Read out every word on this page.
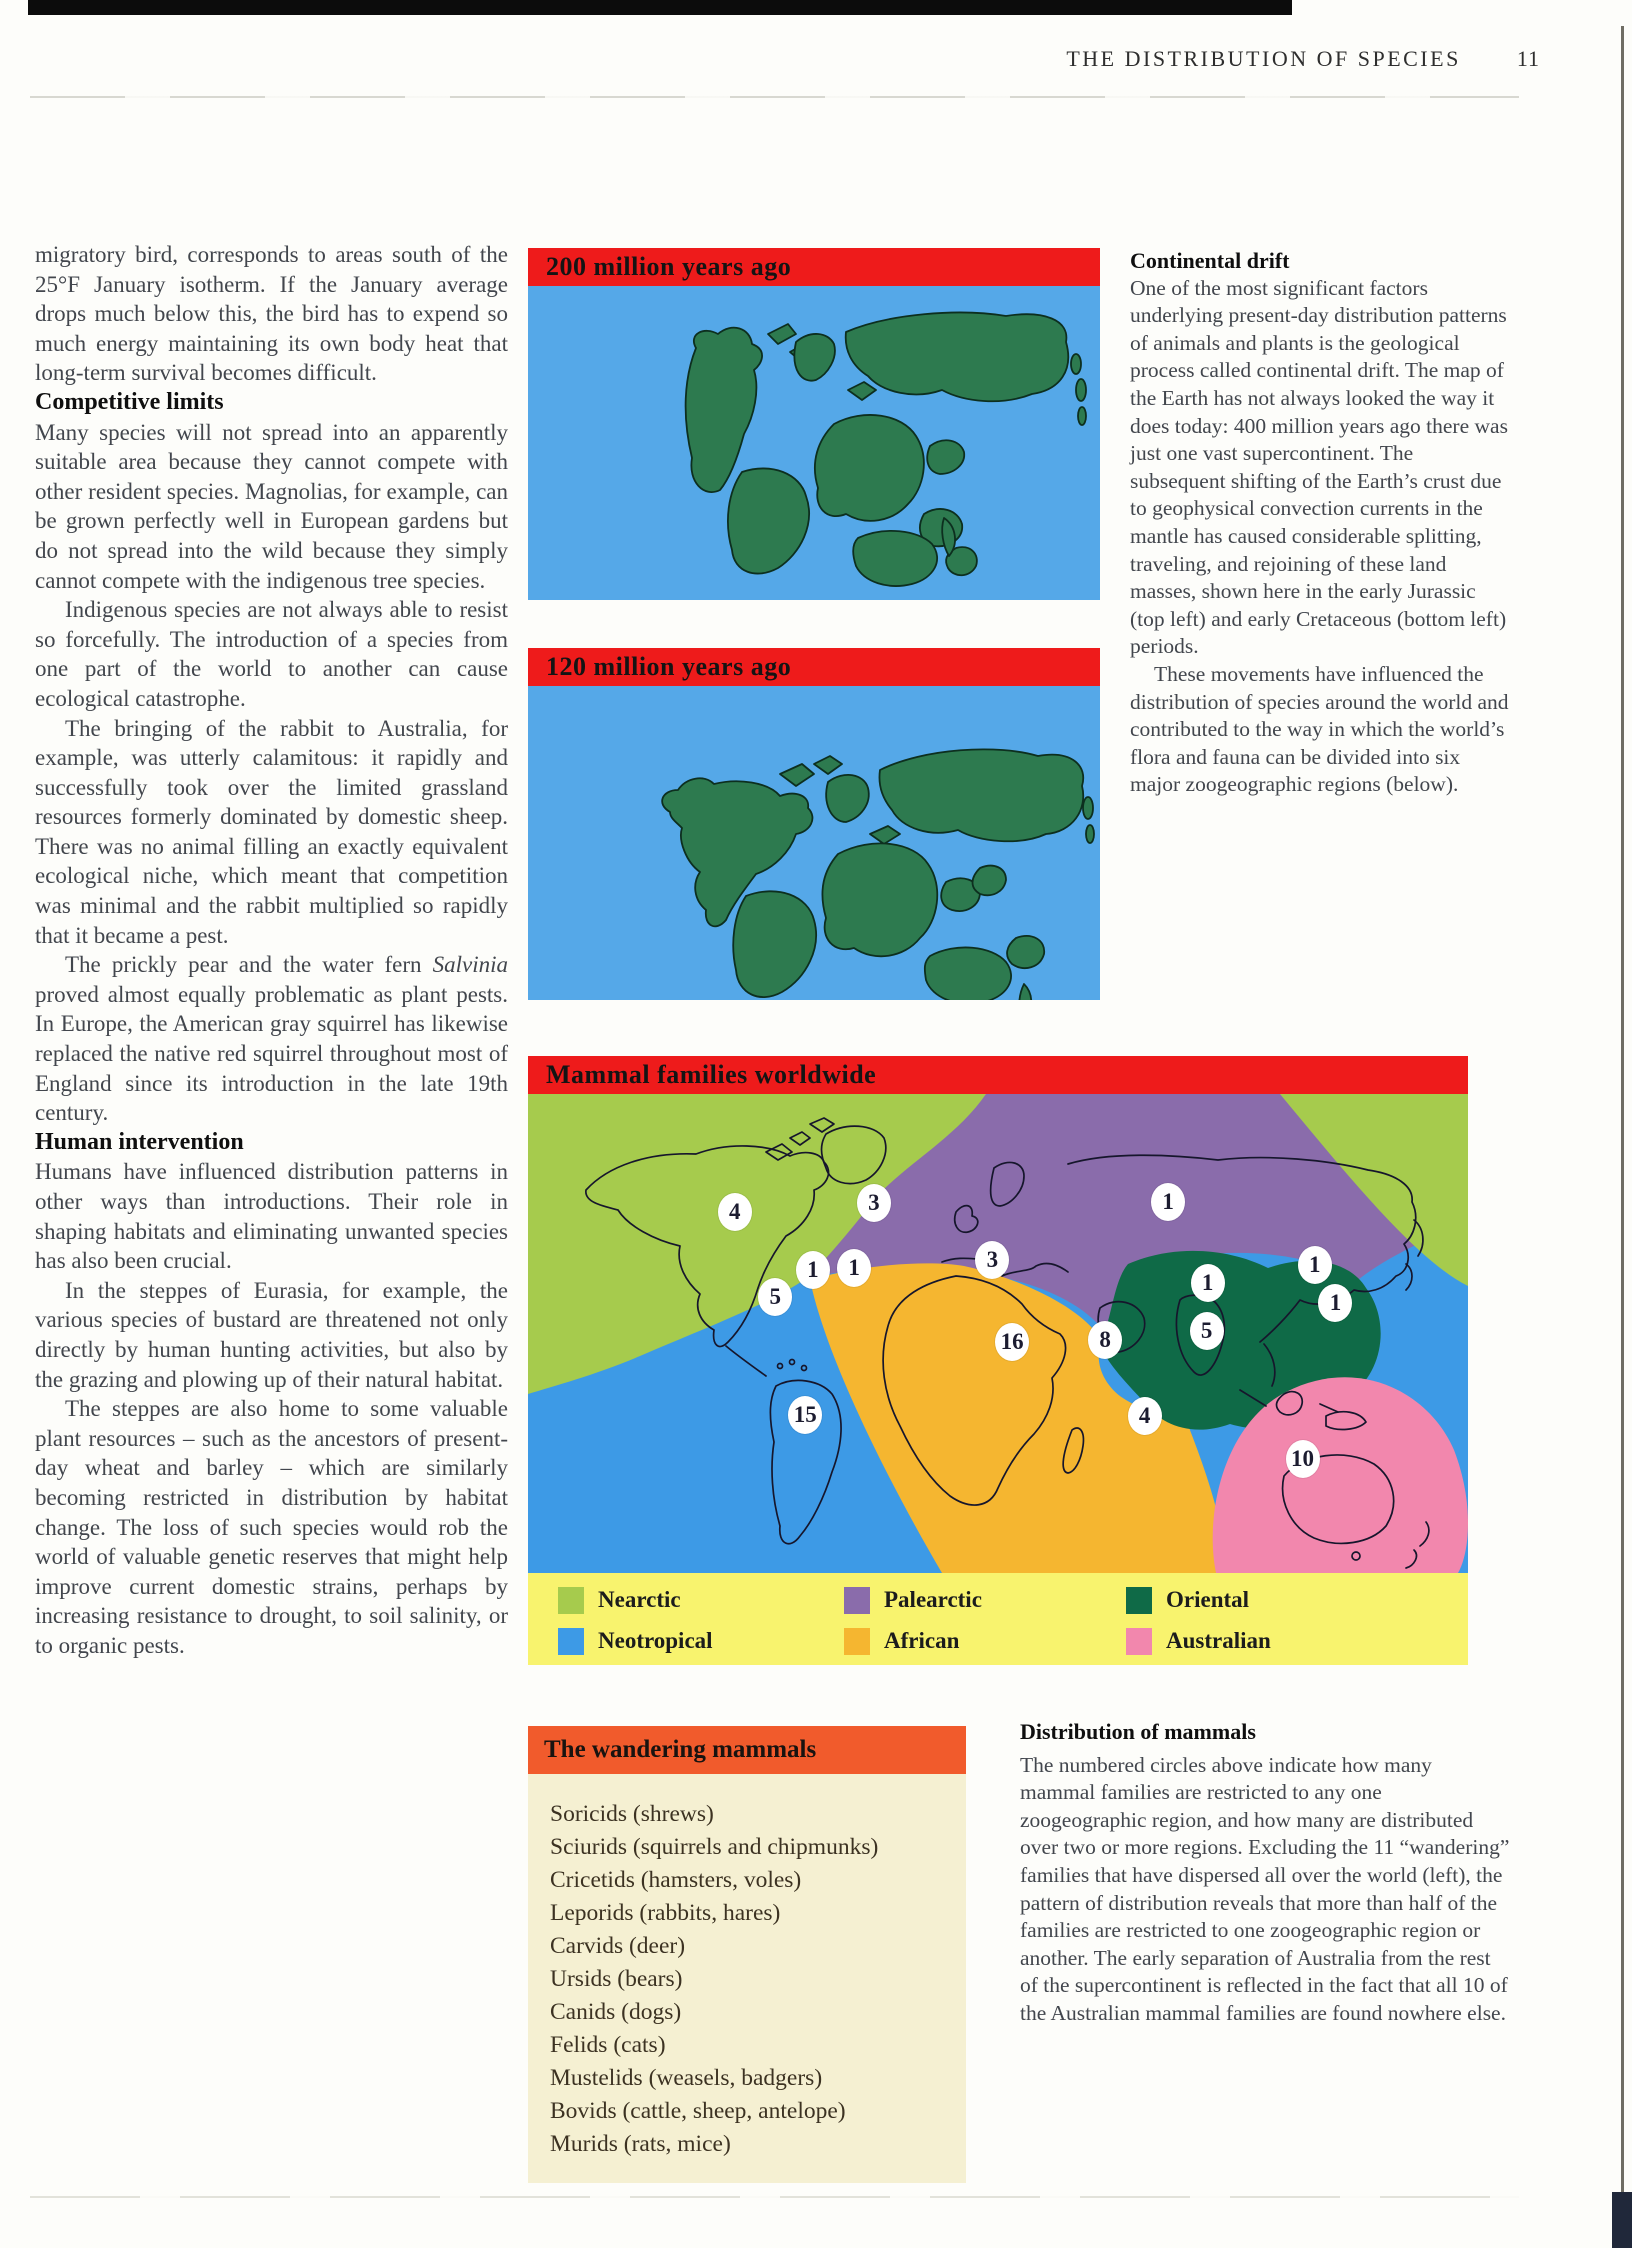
THE DISTRIBUTION OF SPECIES	11

migratory bird, corresponds to areas south of the 25°F January isotherm. If the January average drops much below this, the bird has to expend so much energy maintaining its own body heat that long-term survival becomes difficult.

Competitive limits

Many species will not spread into an apparently suitable area because they cannot compete with other resident species. Magnolias, for example, can be grown perfectly well in European gardens but do not spread into the wild because they simply cannot compete with the indigenous tree species.

Indigenous species are not always able to resist so forcefully. The introduction of a species from one part of the world to another can cause ecological catastrophe.

The bringing of the rabbit to Australia, for example, was utterly calamitous: it rapidly and successfully took over the limited grassland resources formerly dominated by domestic sheep. There was no animal filling an exactly equivalent ecological niche, which meant that competition was minimal and the rabbit multiplied so rapidly that it became a pest.

The prickly pear and the water fern Salvinia proved almost equally problematic as plant pests. In Europe, the American gray squirrel has likewise replaced the native red squirrel throughout most of England since its introduction in the late 19th century.

Human intervention

Humans have influenced distribution patterns in other ways than introductions. Their role in shaping habitats and eliminating unwanted species has also been crucial.

In the steppes of Eurasia, for example, the various species of bustard are threatened not only directly by human hunting activities, but also by the grazing and plowing up of their natural habitat.

The steppes are also home to some valuable plant resources – such as the ancestors of present-day wheat and barley – which are similarly becoming restricted in distribution by habitat change. The loss of such species would rob the world of valuable genetic reserves that might help improve current domestic strains, perhaps by increasing resistance to drought, to soil salinity, or to organic pests.

200 million years ago
120 million years ago

Continental drift

One of the most significant factors underlying present-day distribution patterns of animals and plants is the geological process called continental drift. The map of the Earth has not always looked the way it does today: 400 million years ago there was just one vast supercontinent. The subsequent shifting of the Earth’s crust due to geophysical convection currents in the mantle has caused considerable splitting, traveling, and rejoining of these land masses, shown here in the early Jurassic (top left) and early Cretaceous (bottom left) periods.

These movements have influenced the distribution of species around the world and contributed to the way in which the world’s flora and fauna can be divided into six major zoogeographic regions (below).

Mammal families worldwide
4	3	1
1	1
5
3
16	8
1
5
1
1
15	4
10
Nearctic
Neotropical
Palearctic
African
Oriental
Australian
The wandering mammals
Soricids (shrews)
Sciurids (squirrels and chipmunks)
Cricetids (hamsters, voles)
Leporids (rabbits, hares)
Carvids (deer)
Ursids (bears)
Canids (dogs)
Felids (cats)
Mustelids (weasels, badgers)
Bovids (cattle, sheep, antelope)
Murids (rats, mice)

Distribution of mammals

The numbered circles above indicate how many mammal families are restricted to any one zoogeographic region, and how many are distributed over two or more regions. Excluding the 11 “wandering” families that have dispersed all over the world (left), the pattern of distribution reveals that more than half of the families are restricted to one zoogeographic region or another. The early separation of Australia from the rest of the supercontinent is reflected in the fact that all 10 of the Australian mammal families are found nowhere else.
